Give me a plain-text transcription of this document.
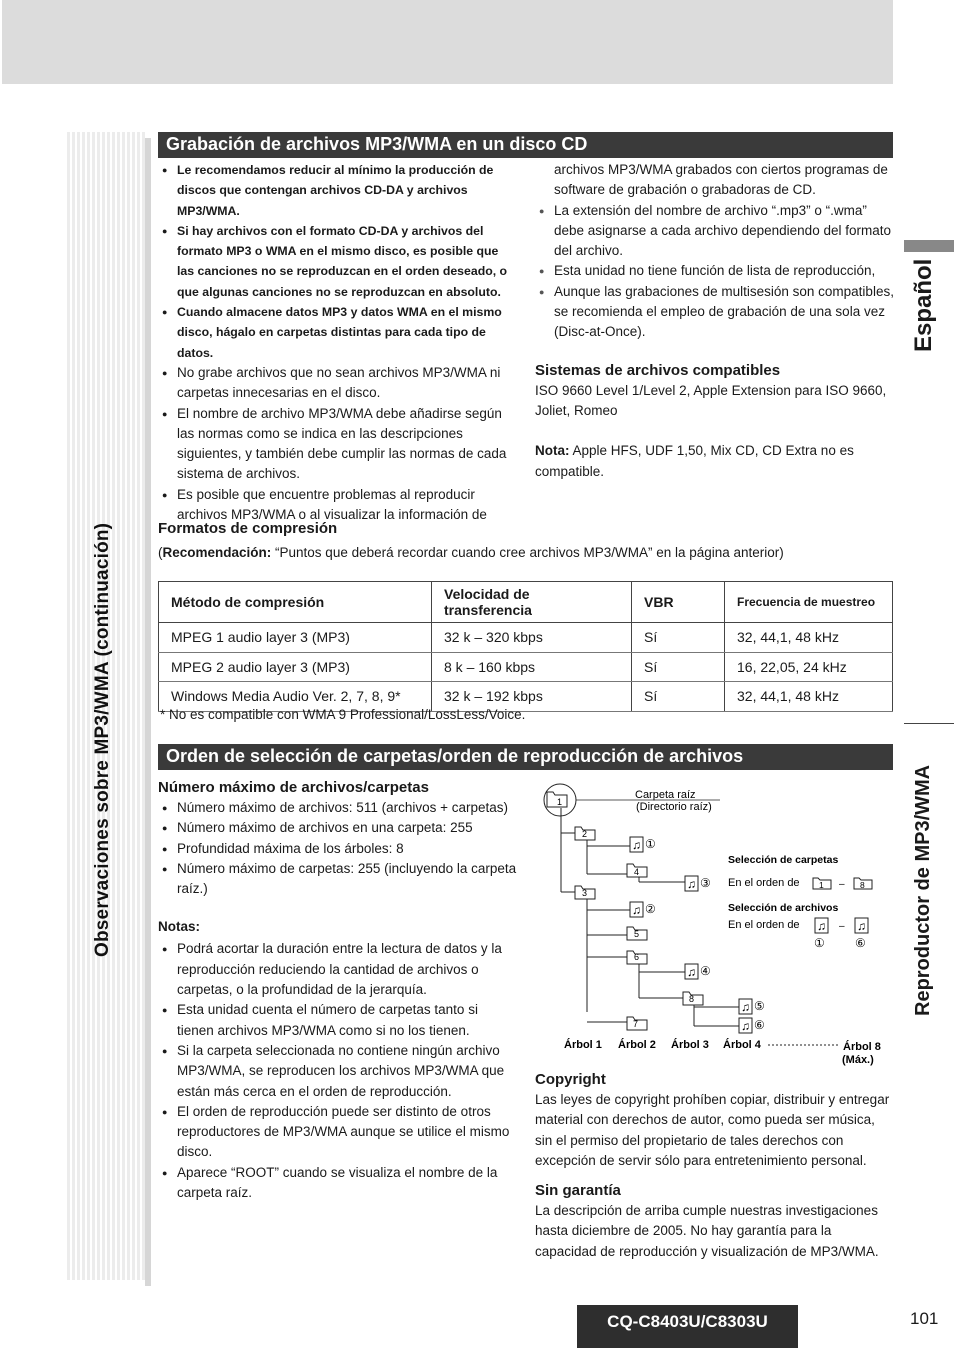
Observaciones sobre MP3/WMA (continuación)
Español
Reproductor de MP3/WMA
Grabación de archivos MP3/WMA en un disco CD
● Le recomendamos reducir al mínimo la producción de discos que contengan archivos CD-DA y archivos MP3/WMA.
● Si hay archivos con el formato CD-DA y archivos del formato MP3 o WMA en el mismo disco, es posible que las canciones no se reproduzcan en el orden deseado, o que algunas canciones no se reproduzcan en absoluto.
● Cuando almacene datos MP3 y datos WMA en el mismo disco, hágalo en carpetas distintas para cada tipo de datos.
● No grabe archivos que no sean archivos MP3/WMA ni carpetas innecesarias en el disco.
● El nombre de archivo MP3/WMA debe añadirse según las normas como se indica en las descripciones siguientes, y también debe cumplir las normas de cada sistema de archivos.
● Es posible que encuentre problemas al reproducir archivos MP3/WMA o al visualizar la información de
archivos MP3/WMA grabados con ciertos programas de software de grabación o grabadoras de CD.
● La extensión del nombre de archivo “.mp3” o “.wma” debe asignarse a cada archivo dependiendo del formato del archivo.
● Esta unidad no tiene función de lista de reproducción,
● Aunque las grabaciones de multisesión son compatibles, se recomienda el empleo de grabación de una sola vez (Disc-at-Once).
Sistemas de archivos compatibles
ISO 9660 Level 1/Level 2, Apple Extension para ISO 9660, Joliet, Romeo
Nota: Apple HFS, UDF 1,50, Mix CD, CD Extra no es compatible.
Formatos de compresión
(Recomendación: “Puntos que deberá recordar cuando cree archivos MP3/WMA” en la página anterior)
Método de compresión	Velocidad de transferencia	VBR	Frecuencia de muestreo
MPEG 1 audio layer 3 (MP3)	32 k – 320 kbps	Sí	32, 44,1, 48 kHz
MPEG 2 audio layer 3 (MP3)	8 k – 160 kbps	Sí	16, 22,05, 24 kHz
Windows Media Audio Ver. 2, 7, 8, 9*	32 k – 192 kbps	Sí	32, 44,1, 48 kHz
* No es compatible con WMA 9 Professional/LossLess/Voice.
Orden de selección de carpetas/orden de reproducción de archivos
Número máximo de archivos/carpetas
● Número máximo de archivos: 511 (archivos + carpetas)
● Número máximo de archivos en una carpeta: 255
● Profundidad máxima de los árboles: 8
● Número máximo de carpetas: 255 (incluyendo la carpeta raíz.)
Notas:
● Podrá acortar la duración entre la lectura de datos y la reproducción reduciendo la cantidad de archivos o carpetas, o la profundidad de la jerarquía.
● Esta unidad cuenta el número de carpetas tanto si tienen archivos MP3/WMA como si no los tienen.
● Si la carpeta seleccionada no contiene ningún archivo MP3/WMA, se reproducen los archivos MP3/WMA que están más cerca en el orden de reproducción.
● El orden de reproducción puede ser distinto de otros reproductores de MP3/WMA aunque se utilice el mismo disco.
● Aparece “ROOT” cuando se visualiza el nombre de la carpeta raíz.
Carpeta raíz
(Directorio raíz)
1
2
3
4
5
6
7
8
♫ ①
♫ ②
♫ ③
♫ ④
♫ ⑤
♫ ⑥
Selección de carpetas
En el orden de 1 – 8
Selección de archivos
En el orden de ♫ – ♫
①	⑥
Árbol 1 Árbol 2 Árbol 3 Árbol 4	Árbol 8
(Máx.)
Copyright
Las leyes de copyright prohíben copiar, distribuir y entregar material con derechos de autor, como pueda ser música, sin el permiso del propietario de tales derechos con excepción de servir sólo para entretenimiento personal.
Sin garantía
La descripción de arriba cumple nuestras investigaciones hasta diciembre de 2005. No hay garantía para la capacidad de reproducción y visualización de MP3/WMA.
CQ-C8403U/C8303U	101
